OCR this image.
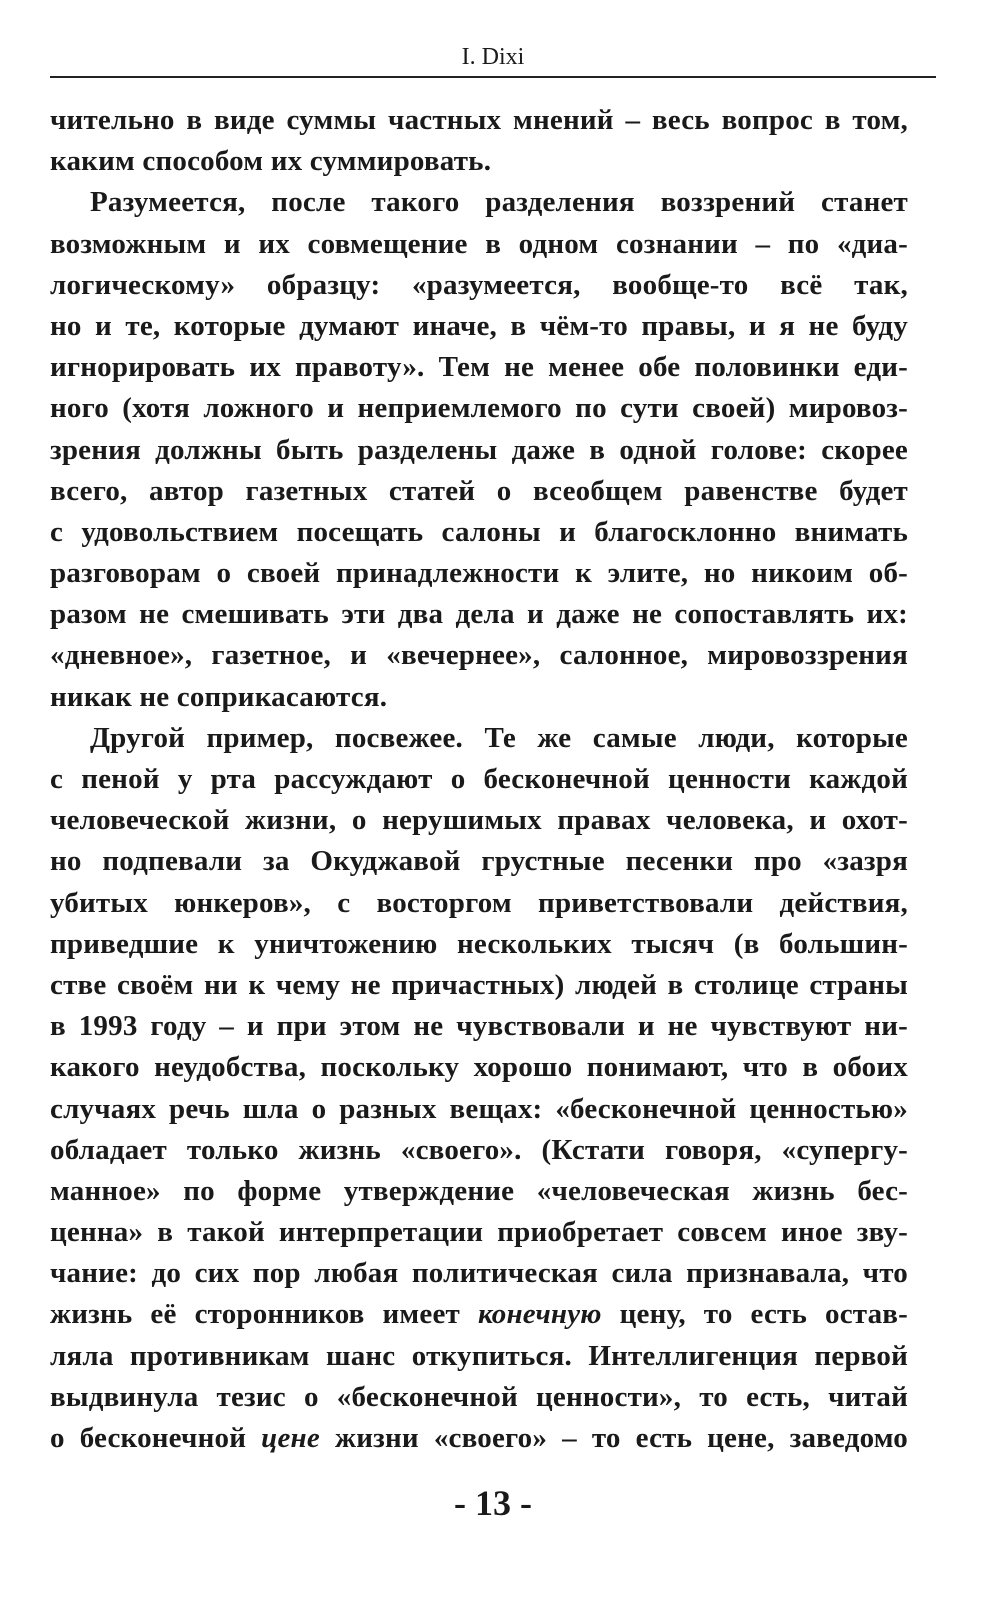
I. Dixi
чительно в виде суммы частных мнений – весь вопрос в том,
каким способом их суммировать.
Разумеется, после такого разделения воззрений станет
возможным и их совмещение в одном сознании – по «диа-
логическому» образцу: «разумеется, вообще-то всё так,
но и те, которые думают иначе, в чём-то правы, и я не буду
игнорировать их правоту». Тем не менее обе половинки еди-
ного (хотя ложного и неприемлемого по сути своей) мировоз-
зрения должны быть разделены даже в одной голове: скорее
всего, автор газетных статей о всеобщем равенстве будет
с удовольствием посещать салоны и благосклонно внимать
разговорам о своей принадлежности к элите, но никоим об-
разом не смешивать эти два дела и даже не сопоставлять их:
«дневное», газетное, и «вечернее», салонное, мировоззрения
никак не соприкасаются.
Другой пример, посвежее. Те же самые люди, которые
с пеной у рта рассуждают о бесконечной ценности каждой
человеческой жизни, о нерушимых правах человека, и охот-
но подпевали за Окуджавой грустные песенки про «зазря
убитых юнкеров», с восторгом приветствовали действия,
приведшие к уничтожению нескольких тысяч (в большин-
стве своём ни к чему не причастных) людей в столице страны
в 1993 году – и при этом не чувствовали и не чувствуют ни-
какого неудобства, поскольку хорошо понимают, что в обоих
случаях речь шла о разных вещах: «бесконечной ценностью»
обладает только жизнь «своего». (Кстати говоря, «супергу-
манное» по форме утверждение «человеческая жизнь бес-
ценна» в такой интерпретации приобретает совсем иное зву-
чание: до сих пор любая политическая сила признавала, что
жизнь её сторонников имеет конечную цену, то есть остав-
ляла противникам шанс откупиться. Интеллигенция первой
выдвинула тезис о «бесконечной ценности», то есть, читай
о бесконечной цене жизни «своего» – то есть цене, заведомо
- 13 -
